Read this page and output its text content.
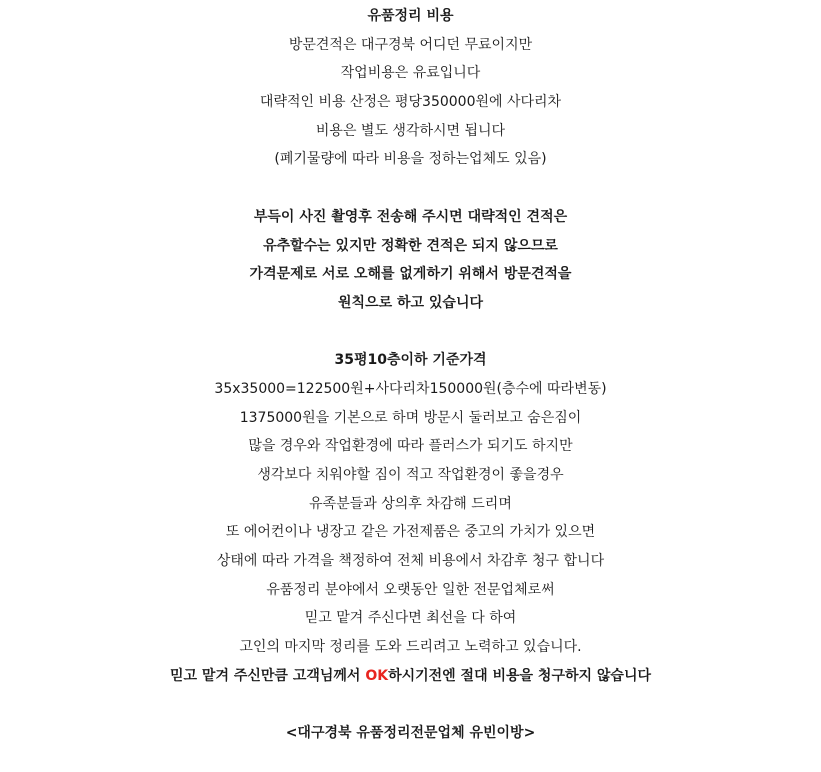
유품정리 비용
방문견적은 대구경북 어디던 무료이지만
작업비용은 유료입니다
대략적인 비용 산정은 평당350000원에 사다리차
비용은 별도 생각하시면 됩니다
(폐기물량에 따라 비용을 정하는업체도 있음)
부득이 사진 촬영후 전송해 주시면 대략적인 견적은
유추할수는 있지만 정확한 견적은 되지 않으므로
가격문제로 서로 오해를 없게하기 위해서 방문견적을
원칙으로 하고 있습니다
35평10층이하 기준가격
35x35000=122500원+사다리차150000원(층수에 따라변동)
1375000원을 기본으로 하며 방문시 둘러보고 숨은짐이
많을 경우와 작업환경에 따라 플러스가 되기도 하지만
생각보다 치워야할 짐이 적고 작업환경이 좋을경우
유족분들과 상의후 차감해 드리며
또 에어컨이나 냉장고 같은 가전제품은 중고의 가치가 있으면
상태에 따라 가격을 책정하여 전체 비용에서 차감후 청구 합니다
유품정리 분야에서 오랫동안 일한 전문업체로써
믿고 맡겨 주신다면 최선을 다 하여
고인의 마지막 정리를 도와 드리려고 노력하고 있습니다.
믿고 맡겨 주신만큼 고객님께서 OK하시기전엔 절대 비용을 청구하지 않습니다
<대구경북 유품정리전문업체 유빈이방>
